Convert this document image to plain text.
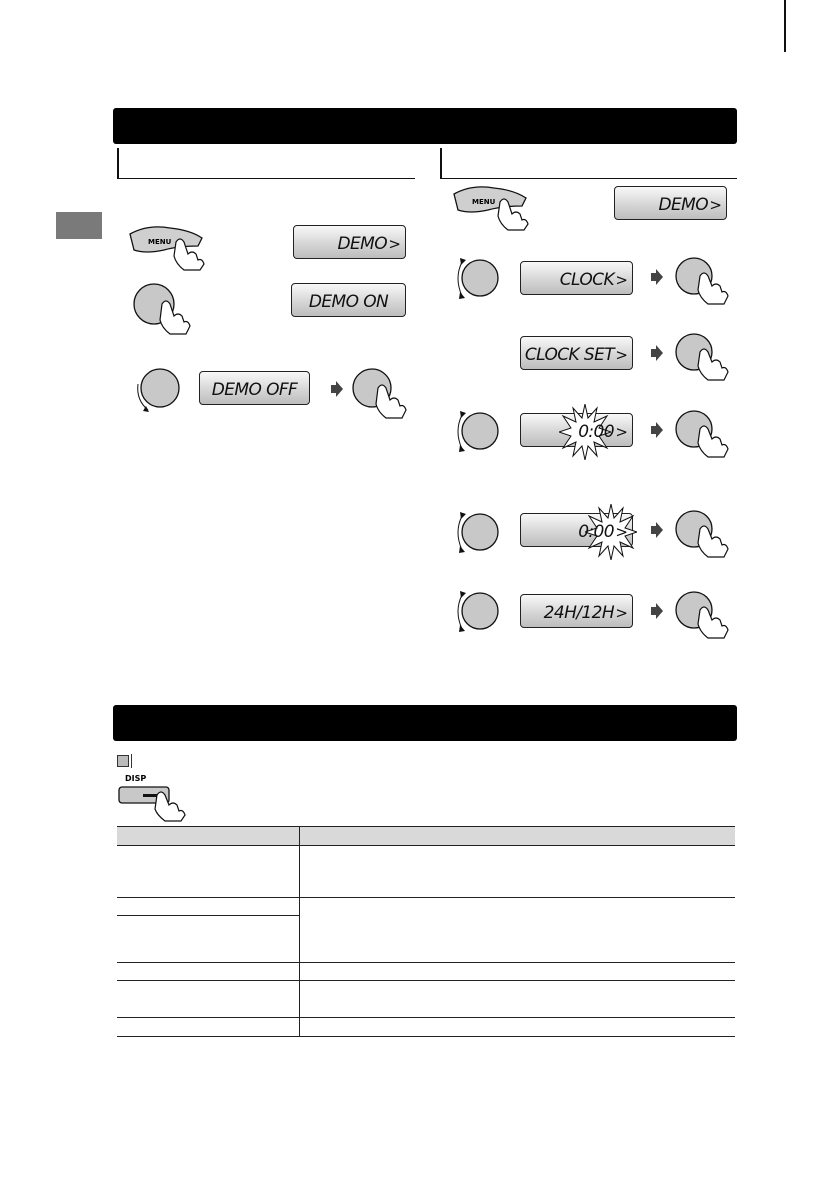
MENU	DEMO >
DEMO ON
DEMO OFF
MENU	DEMO >
CLOCK >
CLOCK SET >
0:00 >
0:00 >
24H/12H >
DISP
